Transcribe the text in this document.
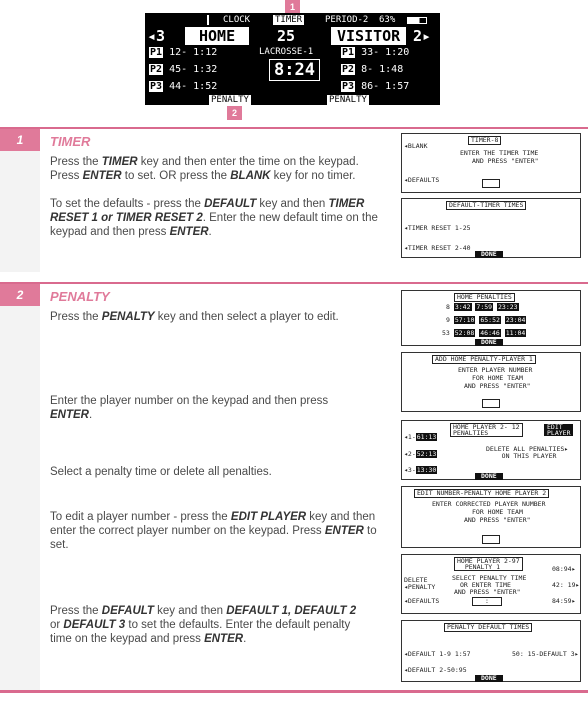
1
CLOCK	TIMER	PERIOD-2 63%
◂3	HOME	25	VISITOR 2▸
LACROSSE-1
8:24
P1 12- 1:12
P2 45- 1:32
P3 44- 1:52
P1 33- 1:20
P2 8- 1:48
P3 86- 1:57
PENALTY	PENALTY
2
1	TIMER
Press the TIMER key and then enter the time on the keypad. Press ENTER to set. OR press the BLANK key for no timer.
To set the defaults - press the DEFAULT key and then TIMER RESET 1 or TIMER RESET 2. Enter the new default time on the keypad and then press ENTER.
TIMER-8
◂BLANK
ENTER THE TIMER TIME
AND PRESS "ENTER"
◂DEFAULTS
DEFAULT-TIMER TIMES
◂TIMER RESET 1-25
◂TIMER RESET 2-40
DONE
2	PENALTY
Press the PENALTY key and then select a player to edit.
Enter the player number on the keypad and then press ENTER.
Select a penalty time or delete all penalties.
To edit a player number - press the EDIT PLAYER key and then enter the correct player number on the keypad. Press ENTER to set.
Press the DEFAULT key and then DEFAULT 1, DEFAULT 2 or DEFAULT 3 to set the defaults. Enter the default penalty time on the keypad and press ENTER.
HOME PENALTIES
8 3:42 7:59 23:23
9 57:10 65:52 23:04
53 52:08 46:46 11:04
DONE
ADD HOME PENALTY-PLAYER 1
ENTER PLAYER NUMBER
FOR HOME TEAM
AND PRESS "ENTER"
HOME PLAYER 2- 12
PENALTIES
EDIT
PLAYER
◂1-61:13
DELETE ALL PENALTIES▸
ON THIS PLAYER
◂2-52:13
◂3-13:30
DONE
EDIT NUMBER-PENALTY HOME PLAYER 2
ENTER CORRECTED PLAYER NUMBER
FOR HOME TEAM
AND PRESS "ENTER"
HOME PLAYER 2-97
PENALTY 1	08:94▸
DELETE
◂PENALTY
SELECT PENALTY TIME
OR ENTER TIME
AND PRESS "ENTER"
42: 19▸
◂DEFAULTS	:	84:59▸
PENALTY DEFAULT TIMES
◂DEFAULT 1-9 1:57	50: 15-DEFAULT 3▸
◂DEFAULT 2-50:95
DONE
